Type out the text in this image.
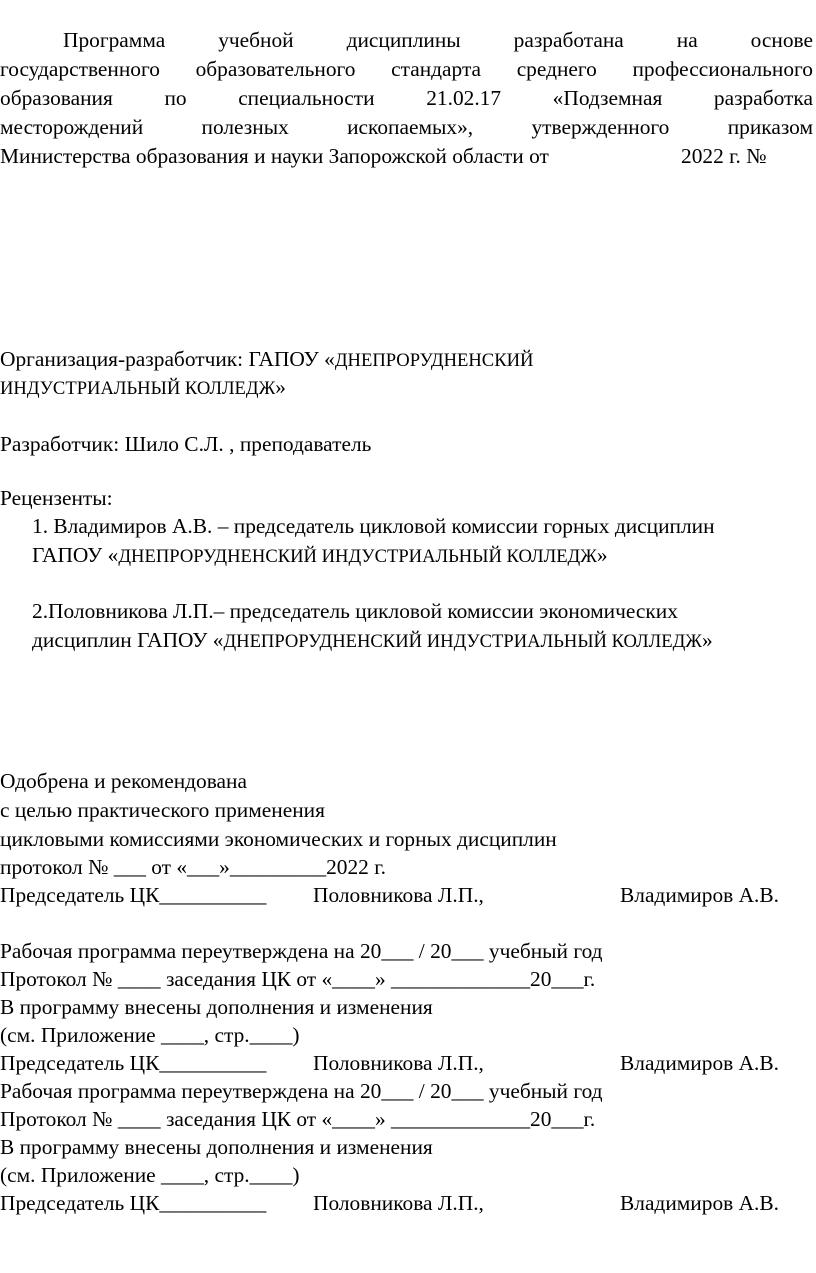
Программа учебной дисциплины разработана на основе
государственного образовательного стандарта среднего профессионального
образования по специальности 21.02.17 «Подземная разработка
месторождений	полезных	ископаемых»,	утвержденного	приказом
Министерства образования и науки Запорожской области от	2022 г. №
Организация-разработчик: ГАПОУ «ДНЕПРОРУДНЕНСКИЙ
ИНДУСТРИАЛЬНЫЙ КОЛЛЕДЖ»
Разработчик: Шило С.Л. , преподаватель
Рецензенты:
1. Владимиров А.В. – председатель цикловой комиссии горных дисциплин
ГАПОУ «ДНЕПРОРУДНЕНСКИЙ ИНДУСТРИАЛЬНЫЙ КОЛЛЕДЖ»
2.Половникова Л.П.– председатель цикловой комиссии экономических
дисциплин ГАПОУ «ДНЕПРОРУДНЕНСКИЙ ИНДУСТРИАЛЬНЫЙ КОЛЛЕДЖ»
Одобрена и рекомендована
с целью практического применения
цикловыми комиссиями экономических и горных дисциплин
протокол № ___ от «___»_________2022 г.
Председатель ЦК__________ Половникова Л.П.,	Владимиров А.В.
Рабочая программа переутверждена на 20___ / 20___ учебный год
Протокол № ____ заседания ЦК от «____» _____________20___г.
В программу внесены дополнения и изменения
(см. Приложение ____, стр.____)
Председатель ЦК__________ Половникова Л.П.,	Владимиров А.В.
Рабочая программа переутверждена на 20___ / 20___ учебный год
Протокол № ____ заседания ЦК от «____» _____________20___г.
В программу внесены дополнения и изменения
(см. Приложение ____, стр.____)
Председатель ЦК__________ Половникова Л.П.,	Владимиров А.В.
